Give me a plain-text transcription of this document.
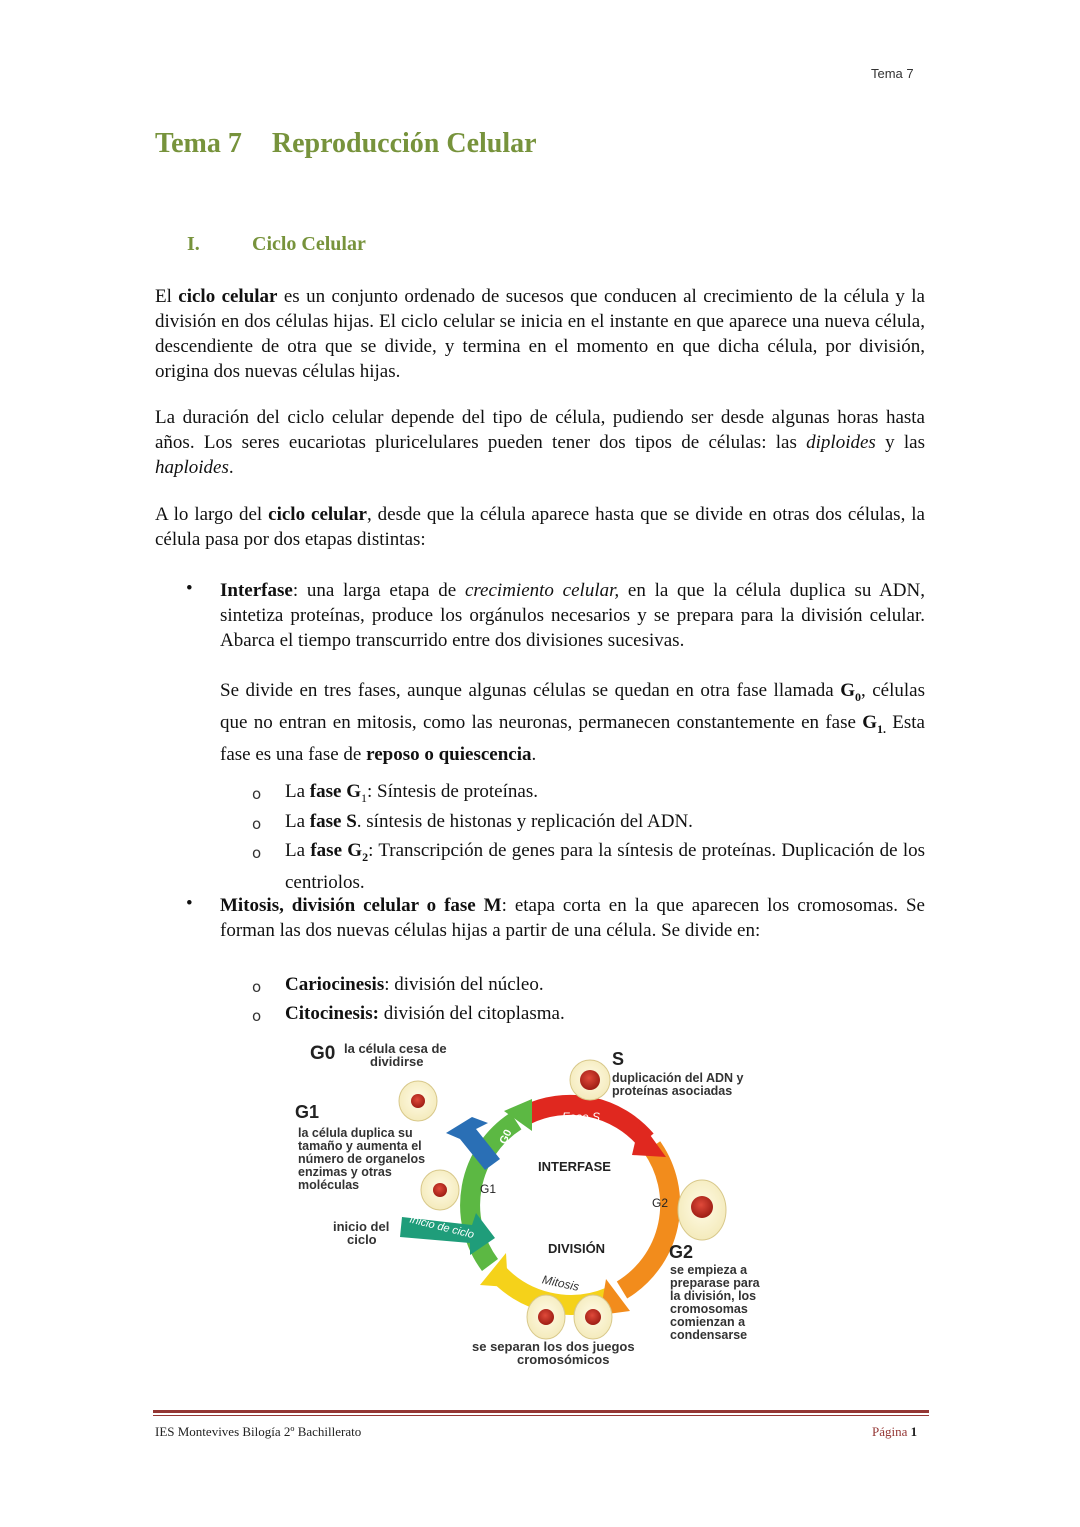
Tema 7
Tema 7 Reproducción Celular
I.	Ciclo Celular
El ciclo celular es un conjunto ordenado de sucesos que conducen al crecimiento de la célula y la división en dos células hijas. El ciclo celular se inicia en el instante en que aparece una nueva célula, descendiente de otra que se divide, y termina en el momento en que dicha célula, por división, origina dos nuevas células hijas.
La duración del ciclo celular depende del tipo de célula, pudiendo ser desde algunas horas hasta años. Los seres eucariotas pluricelulares pueden tener dos tipos de células: las diploides y las haploides.
A lo largo del ciclo celular, desde que la célula aparece hasta que se divide en otras dos células, la célula pasa por dos etapas distintas:
• Interfase: una larga etapa de crecimiento celular, en la que la célula duplica su ADN, sintetiza proteínas, produce los orgánulos necesarios y se prepara para la división celular. Abarca el tiempo transcurrido entre dos divisiones sucesivas.
Se divide en tres fases, aunque algunas células se quedan en otra fase llamada $G_0$, células que no entran en mitosis, como las neuronas, permanecen constantemente en fase $G_{1.}$ Esta fase es una fase de reposo o quiescencia.
o La fase $G_1$: Síntesis de proteínas.
o La fase S. síntesis de histonas y replicación del ADN.
o La fase $G_2$: Transcripción de genes para la síntesis de proteínas. Duplicación de los centriolos.
• Mitosis, división celular o fase M: etapa corta en la que aparecen los cromosomas. Se forman las dos nuevas células hijas a partir de una célula. Se divide en:
o Cariocinesis: división del núcleo.
o Citocinesis: división del citoplasma.
G0
Fase S
G1
G2
Mitosis
Inicio de ciclo
INTERFASE
DIVISIÓN
G0 la célula cesa de
dividirse
G1
la célula duplica su
tamaño y aumenta el
número de organelos
enzimas y otras
moléculas
inicio del
ciclo
S
duplicación del ADN y
proteínas asociadas
G2
se empieza a
preparase para
la división, los
cromosomas
comienzan a
condensarse
se separan los dos juegos
cromosómicos
IES Montevives Bilogía 2º Bachillerato	Página 1
